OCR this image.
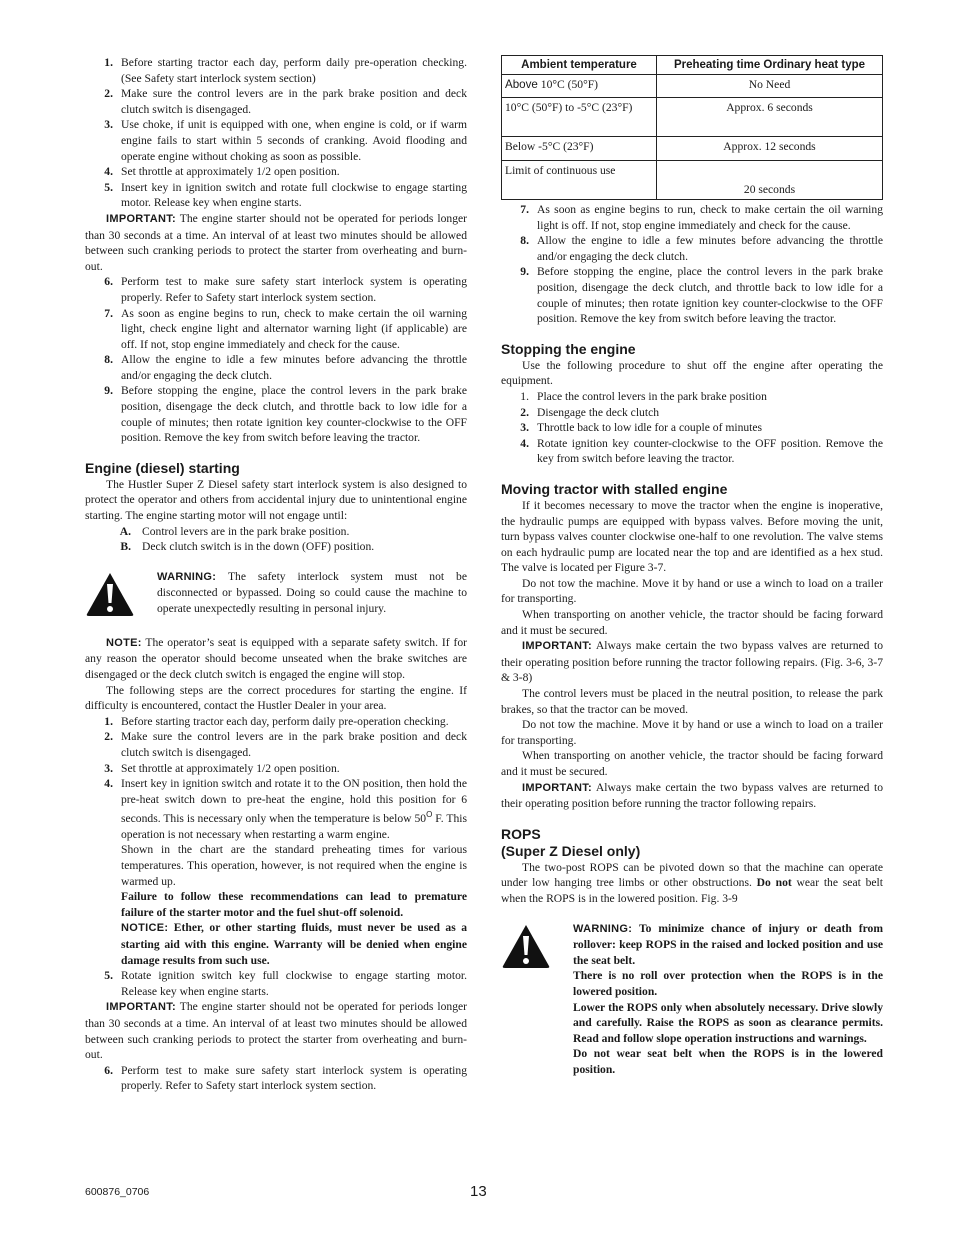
1. Before starting tractor each day, perform daily pre-operation checking. (See Safety start interlock system section)
2. Make sure the control levers are in the park brake position and deck clutch switch is disengaged.
3. Use choke, if unit is equipped with one, when engine is cold, or if warm engine fails to start within 5 seconds of cranking. Avoid flooding and operate engine without choking as soon as possible.
4. Set throttle at approximately 1/2 open position.
5. Insert key in ignition switch and rotate full clockwise to engage starting motor. Release key when engine starts.
IMPORTANT: The engine starter should not be operated for periods longer than 30 seconds at a time. An interval of at least two minutes should be allowed between such cranking periods to protect the starter from overheating and burn-out.
6. Perform test to make sure safety start interlock system is operating properly. Refer to Safety start interlock system section.
7. As soon as engine begins to run, check to make certain the oil warning light, check engine light and alternator warning light (if applicable) are off. If not, stop engine immediately and check for the cause.
8. Allow the engine to idle a few minutes before advancing the throttle and/or engaging the deck clutch.
9. Before stopping the engine, place the control levers in the park brake position, disengage the deck clutch, and throttle back to low idle for a couple of minutes; then rotate ignition key counter-clockwise to the OFF position. Remove the key from switch before leaving the tractor.
Engine (diesel) starting
The Hustler Super Z Diesel safety start interlock system is also designed to protect the operator and others from accidental injury due to unintentional engine starting. The engine starting motor will not engage until:
A. Control levers are in the park brake position.
B. Deck clutch switch is in the down (OFF) position.
WARNING: The safety interlock system must not be disconnected or bypassed. Doing so could cause the machine to operate unexpectedly resulting in personal injury.
NOTE: The operator’s seat is equipped with a separate safety switch. If for any reason the operator should become unseated when the brake switches are disengaged or the deck clutch switch is engaged the engine will stop.
The following steps are the correct procedures for starting the engine. If difficulty is encountered, contact the Hustler Dealer in your area.
1. Before starting tractor each day, perform daily pre-operation checking.
2. Make sure the control levers are in the park brake position and deck clutch switch is disengaged.
3. Set throttle at approximately 1/2 open position.
4. Insert key in ignition switch and rotate it to the ON position, then hold the pre-heat switch down to pre-heat the engine, hold this position for 6 seconds. This is necessary only when the temperature is below $50^O$ F. This operation is not necessary when restarting a warm engine.
Shown in the chart are the standard preheating times for various temperatures. This operation, however, is not required when the engine is warmed up.
Failure to follow these recommendations can lead to premature failure of the starter motor and the fuel shut-off solenoid.
NOTICE: Ether, or other starting fluids, must never be used as a starting aid with this engine. Warranty will be denied when engine damage results from such use.
5. Rotate ignition switch key full clockwise to engage starting motor. Release key when engine starts.
IMPORTANT: The engine starter should not be operated for periods longer than 30 seconds at a time. An interval of at least two minutes should be allowed between such cranking periods to protect the starter from overheating and burn-out.
6. Perform test to make sure safety start interlock system is operating properly. Refer to Safety start interlock system section.
Ambient temperature	Preheating time Ordinary heat type
Above 10°C (50°F)	No Need
10°C (50°F) to -5°C (23°F)	Approx. 6 seconds
Below -5°C (23°F)	Approx. 12 seconds
Limit of continuous use	20 seconds
7. As soon as engine begins to run, check to make certain the oil warning light is off. If not, stop engine immediately and check for the cause.
8. Allow the engine to idle a few minutes before advancing the throttle and/or engaging the deck clutch.
9. Before stopping the engine, place the control levers in the park brake position, disengage the deck clutch, and throttle back to low idle for a couple of minutes; then rotate ignition key counter-clockwise to the OFF position. Remove the key from switch before leaving the tractor.
Stopping the engine
Use the following procedure to shut off the engine after operating the equipment.
1. Place the control levers in the park brake position
2. Disengage the deck clutch
3. Throttle back to low idle for a couple of minutes
4. Rotate ignition key counter-clockwise to the OFF position. Remove the key from switch before leaving the tractor.
Moving tractor with stalled engine
If it becomes necessary to move the tractor when the engine is inoperative, the hydraulic pumps are equipped with bypass valves. Before moving the unit, turn bypass valves counter clockwise one-half to one revolution. The valve stems on each hydraulic pump are located near the top and are identified as a hex stud. The valve is located per Figure 3-7.
Do not tow the machine. Move it by hand or use a winch to load on a trailer for transporting.
When transporting on another vehicle, the tractor should be facing forward and it must be secured.
IMPORTANT: Always make certain the two bypass valves are returned to their operating position before running the tractor following repairs. (Fig. 3-6, 3-7 & 3-8)
The control levers must be placed in the neutral position, to release the park brakes, so that the tractor can be moved.
Do not tow the machine. Move it by hand or use a winch to load on a trailer for transporting.
When transporting on another vehicle, the tractor should be facing forward and it must be secured.
IMPORTANT: Always make certain the two bypass valves are returned to their operating position before running the tractor following repairs.
ROPS
(Super Z Diesel only)
The two-post ROPS can be pivoted down so that the machine can operate under low hanging tree limbs or other obstructions. Do not wear the seat belt when the ROPS is in the lowered position. Fig. 3-9
WARNING: To minimize chance of injury or death from rollover: keep ROPS in the raised and locked position and use the seat belt.
There is no roll over protection when the ROPS is in the lowered position.
Lower the ROPS only when absolutely necessary. Drive slowly and carefully. Raise the ROPS as soon as clearance permits. Read and follow slope operation instructions and warnings.
Do not wear seat belt when the ROPS is in the lowered position.
600876_0706	13
